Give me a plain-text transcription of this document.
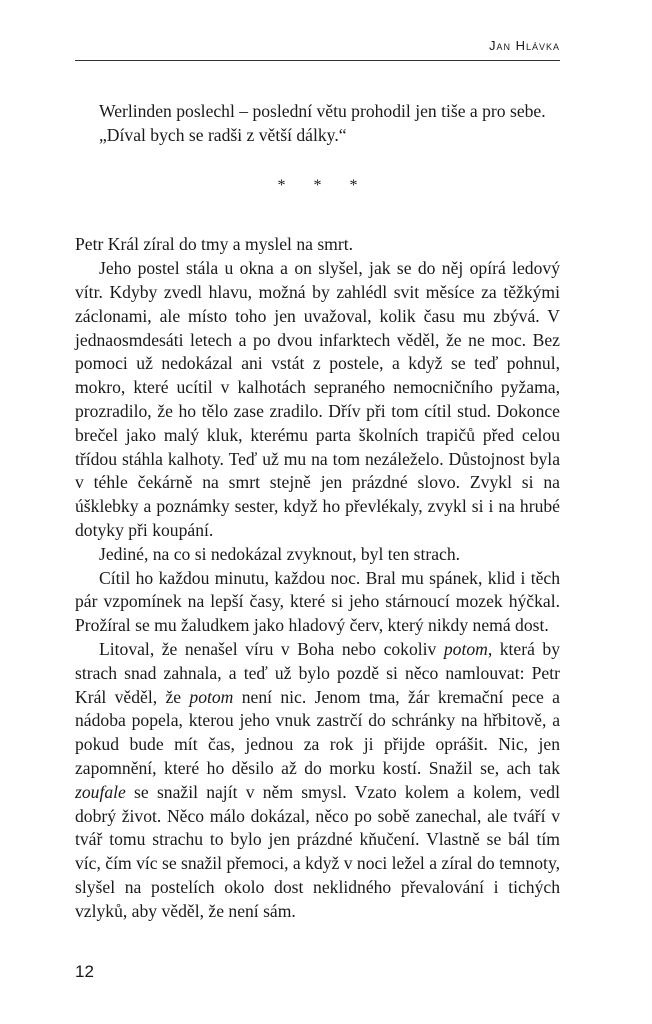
Jan Hlávka

Werlinden poslechl – poslední větu prohodil jen tiše a pro sebe.

„Díval bych se radši z větší dálky.“

* * *

Petr Král zíral do tmy a myslel na smrt.

Jeho postel stála u okna a on slyšel, jak se do něj opírá ledový vítr. Kdyby zvedl hlavu, možná by zahlédl svit měsíce za těžkými záclonami, ale místo toho jen uvažoval, kolik času mu zbývá. V jednaosmdesáti letech a po dvou infarktech věděl, že ne moc. Bez pomoci už nedokázal ani vstát z postele, a když se teď pohnul, mokro, které ucítil v kalhotách sepraného nemocničního pyžama, prozradilo, že ho tělo zase zradilo. Dřív při tom cítil stud. Dokonce brečel jako malý kluk, kterému parta školních trapičů před celou třídou stáhla kalhoty. Teď už mu na tom nezáleželo. Důstojnost byla v téhle čekárně na smrt stejně jen prázdné slovo. Zvykl si na úšklebky a poznámky sester, když ho převlékaly, zvykl si i na hrubé dotyky při koupání.

Jediné, na co si nedokázal zvyknout, byl ten strach.

Cítil ho každou minutu, každou noc. Bral mu spánek, klid i těch pár vzpomínek na lepší časy, které si jeho stárnoucí mozek hýčkal. Prožíral se mu žaludkem jako hladový červ, který nikdy nemá dost.

Litoval, že nenašel víru v Boha nebo cokoliv potom, která by strach snad zahnala, a teď už bylo pozdě si něco namlouvat: Petr Král věděl, že potom není nic. Jenom tma, žár kremační pece a nádoba popela, kterou jeho vnuk zastrčí do schránky na hřbitově, a pokud bude mít čas, jednou za rok ji přijde oprášit. Nic, jen zapomnění, které ho děsilo až do morku kostí. Snažil se, ach tak zoufale se snažil najít v něm smysl. Vzato kolem a kolem, vedl dobrý život. Něco málo dokázal, něco po sobě zanechal, ale tváří v tvář tomu strachu to bylo jen prázdné kňučení. Vlastně se bál tím víc, čím víc se snažil přemoci, a když v noci ležel a zíral do temnoty, slyšel na postelích okolo dost neklidného převalování i tichých vzlyků, aby věděl, že není sám.

12
